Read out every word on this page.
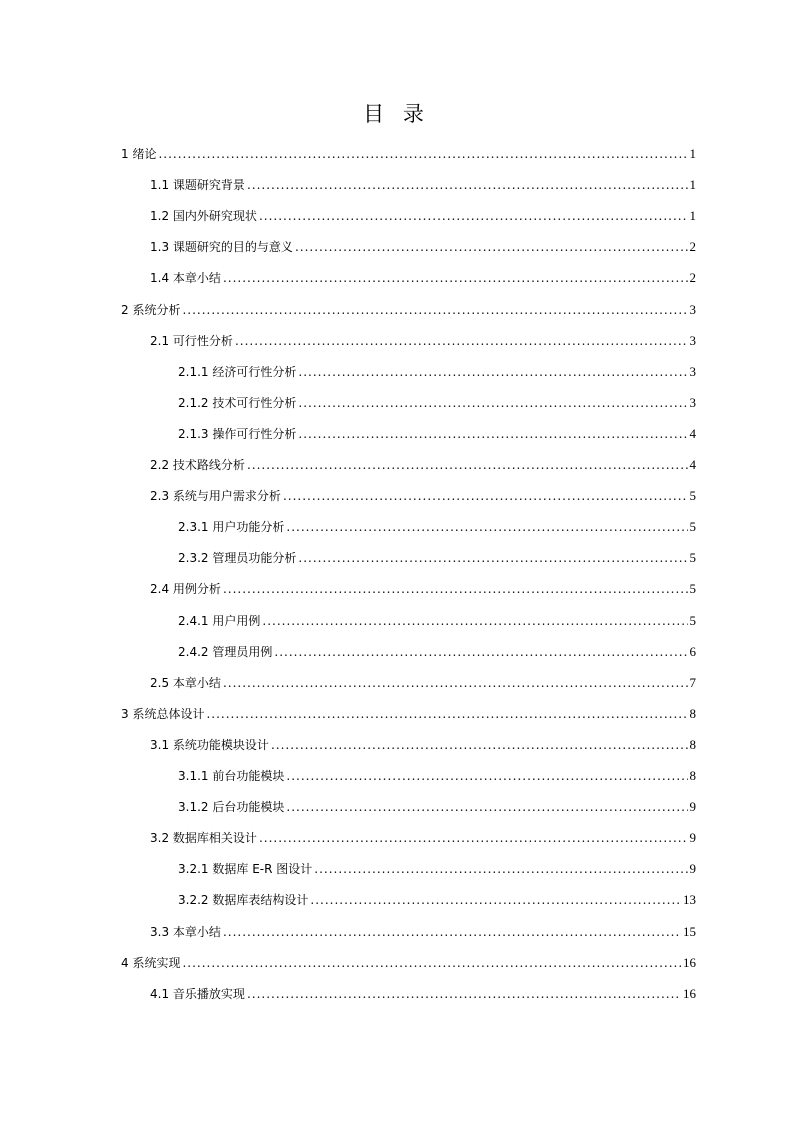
目 录
1 绪论 .....	1
1.1 课题研究背景 .....	1
1.2 国内外研究现状 .....	1
1.3 课题研究的目的与意义 .....	2
1.4 本章小结 .....	2
2 系统分析 .....	3
2.1 可行性分析 .....	3
2.1.1 经济可行性分析 .....	3
2.1.2 技术可行性分析 .....	3
2.1.3 操作可行性分析 .....	4
2.2 技术路线分析 .....	4
2.3 系统与用户需求分析 .....	5
2.3.1 用户功能分析 .....	5
2.3.2 管理员功能分析 .....	5
2.4 用例分析 .....	5
2.4.1 用户用例 .....	5
2.4.2 管理员用例 .....	6
2.5 本章小结 .....	7
3 系统总体设计 .....	8
3.1 系统功能模块设计 .....	8
3.1.1 前台功能模块 .....	8
3.1.2 后台功能模块 .....	9
3.2 数据库相关设计 .....	9
3.2.1 数据库 E-R 图设计 .....	9
3.2.2 数据库表结构设计 .....	13
3.3 本章小结 .....	15
4 系统实现 .....	16
4.1 音乐播放实现 .....	16
